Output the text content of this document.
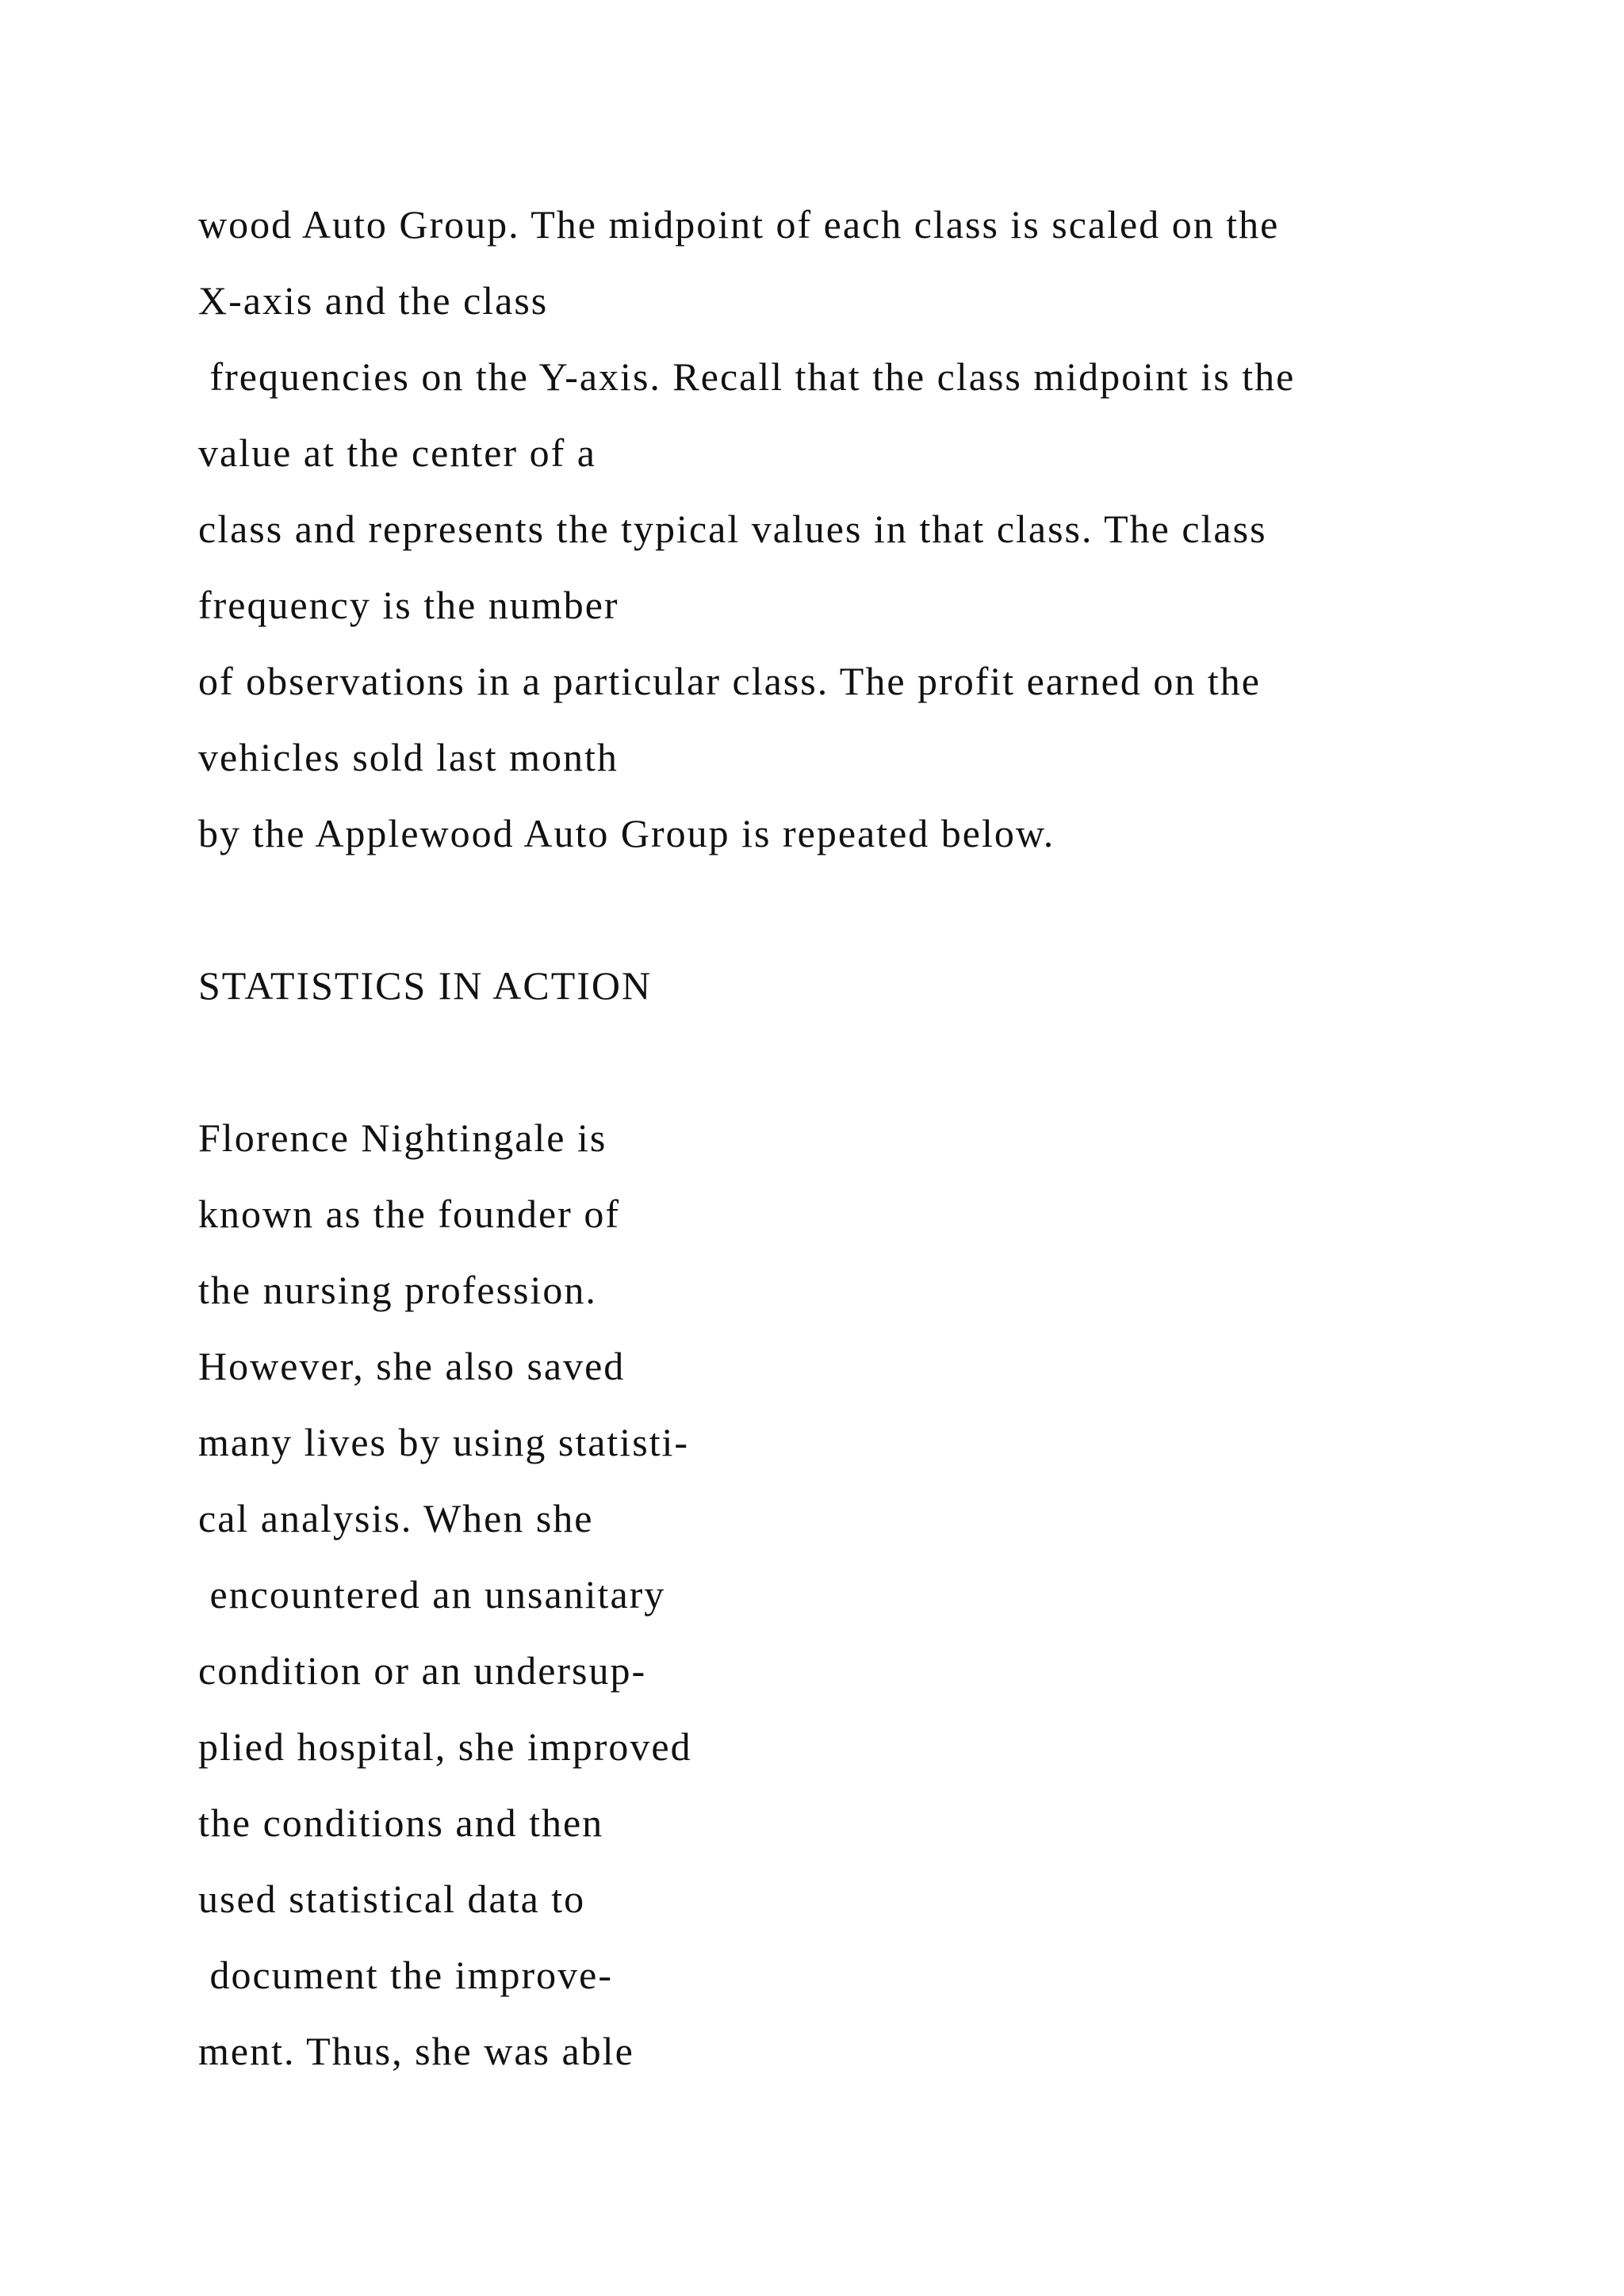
wood Auto Group. The midpoint of each class is scaled on the
X-axis and the class
frequencies on the Y-axis. Recall that the class midpoint is the
value at the center of a
class and represents the typical values in that class. The class
frequency is the number
of observations in a particular class. The profit earned on the
vehicles sold last month
by the Applewood Auto Group is repeated below.
STATISTICS IN ACTION
Florence Nightingale is
known as the founder of
the nursing profession.
However, she also saved
many lives by using statisti-
cal analysis. When she
encountered an unsanitary
condition or an undersup-
plied hospital, she improved
the conditions and then
used statistical data to
document the improve-
ment. Thus, she was able
